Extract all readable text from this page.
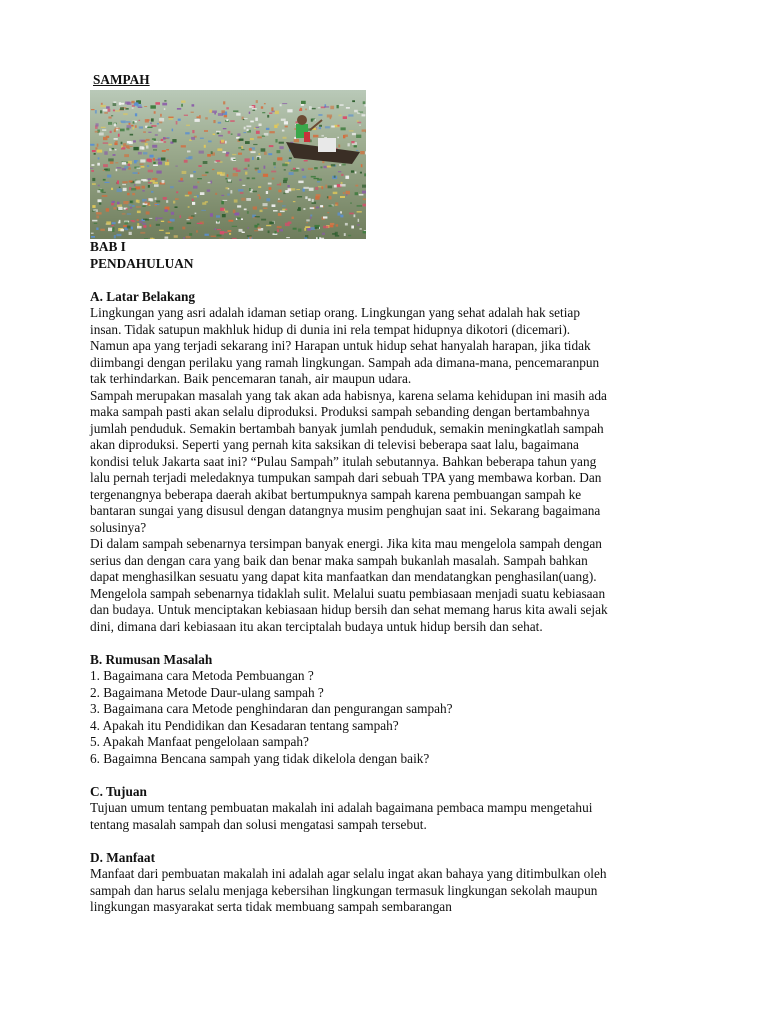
SAMPAH

BAB I

PENDAHULUAN

A. Latar Belakang

Lingkungan yang asri adalah idaman setiap orang. Lingkungan yang sehat adalah hak setiap

insan. Tidak satupun makhluk hidup di dunia ini rela tempat hidupnya dikotori (dicemari).

Namun apa yang terjadi sekarang ini? Harapan untuk hidup sehat hanyalah harapan, jika tidak

diimbangi dengan perilaku yang ramah lingkungan. Sampah ada dimana-mana, pencemaranpun

tak terhindarkan. Baik pencemaran tanah, air maupun udara.

Sampah merupakan masalah yang tak akan ada habisnya, karena selama kehidupan ini masih ada

maka sampah pasti akan selalu diproduksi. Produksi sampah sebanding dengan bertambahnya

jumlah penduduk. Semakin bertambah banyak jumlah penduduk, semakin meningkatlah sampah

akan diproduksi. Seperti yang pernah kita saksikan di televisi beberapa saat lalu, bagaimana

kondisi teluk Jakarta saat ini? “Pulau Sampah” itulah sebutannya. Bahkan beberapa tahun yang

lalu pernah terjadi meledaknya tumpukan sampah dari sebuah TPA yang membawa korban. Dan

tergenangnya beberapa daerah akibat bertumpuknya sampah karena pembuangan sampah ke

bantaran sungai yang disusul dengan datangnya musim penghujan saat ini. Sekarang bagaimana

solusinya?

Di dalam sampah sebenarnya tersimpan banyak energi. Jika kita mau mengelola sampah dengan

serius dan dengan cara yang baik dan benar maka sampah bukanlah masalah. Sampah bahkan

dapat menghasilkan sesuatu yang dapat kita manfaatkan dan mendatangkan penghasilan(uang).

Mengelola sampah sebenarnya tidaklah sulit. Melalui suatu pembiasaan menjadi suatu kebiasaan

dan budaya. Untuk menciptakan kebiasaan hidup bersih dan sehat memang harus kita awali sejak

dini, dimana dari kebiasaan itu akan terciptalah budaya untuk hidup bersih dan sehat.

B. Rumusan Masalah

1. Bagaimana cara Metoda Pembuangan ?
2. Bagaimana Metode Daur-ulang sampah ?
3. Bagaimana cara Metode penghindaran dan pengurangan sampah?
4. Apakah itu Pendidikan dan Kesadaran tentang sampah?
5. Apakah Manfaat pengelolaan sampah?
6. Bagaimna Bencana sampah yang tidak dikelola dengan baik?

C. Tujuan

Tujuan umum tentang pembuatan makalah ini adalah bagaimana pembaca mampu mengetahui

tentang masalah sampah dan solusi mengatasi sampah tersebut.

D. Manfaat

Manfaat dari pembuatan makalah ini adalah agar selalu ingat akan bahaya yang ditimbulkan oleh

sampah dan harus selalu menjaga kebersihan lingkungan termasuk lingkungan sekolah maupun

lingkungan masyarakat serta tidak membuang sampah sembarangan
